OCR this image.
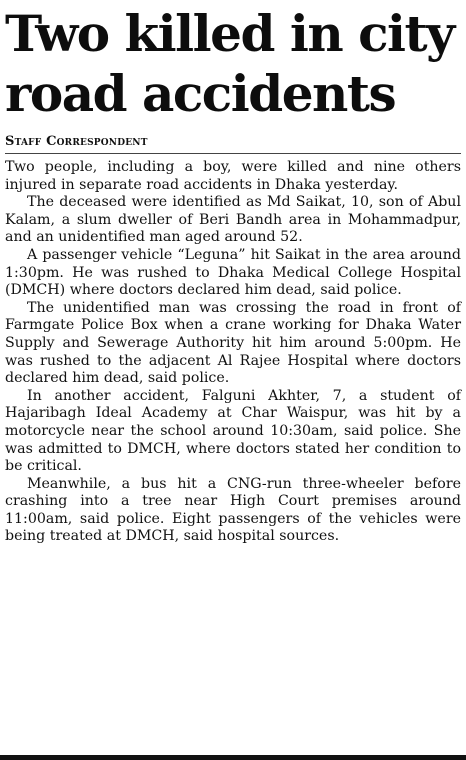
Two killed in city
road accidents
Staff Correspondent

Two people, including a boy, were killed and nine others injured in separate road accidents in Dhaka yesterday.

The deceased were identified as Md Saikat, 10, son of Abul Kalam, a slum dweller of Beri Bandh area in Mohammadpur, and an unidentified man aged around 52.

A passenger vehicle “Leguna” hit Saikat in the area around 1:30pm. He was rushed to Dhaka Medical College Hospital (DMCH) where doctors declared him dead, said police.

The unidentified man was crossing the road in front of Farmgate Police Box when a crane working for Dhaka Water Supply and Sewerage Authority hit him around 5:00pm. He was rushed to the adjacent Al Rajee Hospital where doctors declared him dead, said police.

In another accident, Falguni Akhter, 7, a student of Hajaribagh Ideal Academy at Char Waispur, was hit by a motorcycle near the school around 10:30am, said police. She was admitted to DMCH, where doctors stated her condition to be critical.

Meanwhile, a bus hit a CNG-run three-wheeler before crashing into a tree near High Court premises around 11:00am, said police. Eight passengers of the vehicles were being treated at DMCH, said hospital sources.
